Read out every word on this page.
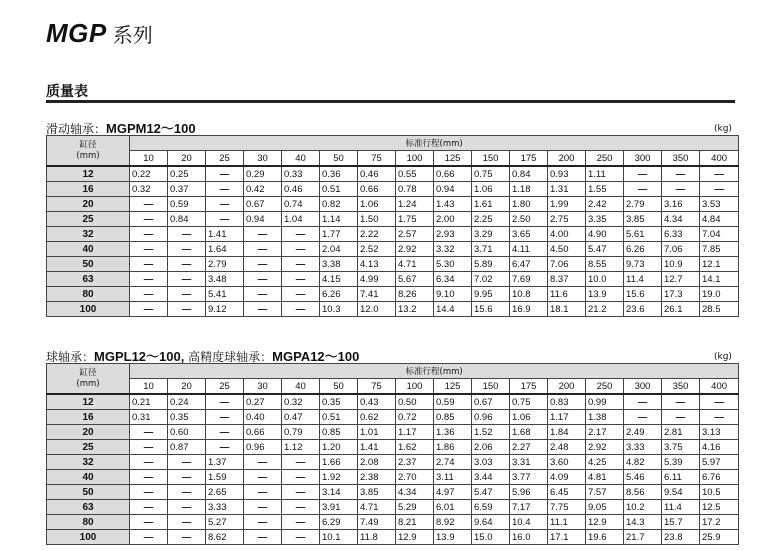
MGP 系列
质量表
滑动轴承：MGPM12～100	(kg)
缸径
(mm)	标准行程(mm)															
	10	20	25	30	40	50	75	100	125	150	175	200	250	300	350	400
12	0.22	0.25	—	0.29	0.33	0.36	0.46	0.55	0.66	0.75	0.84	0.93	1.11	—	—	—
16	0.32	0.37	—	0.42	0.46	0.51	0.66	0.78	0.94	1.06	1.18	1.31	1.55	—	—	—
20	—	0.59	—	0.67	0.74	0.82	1.06	1.24	1.43	1.61	1.80	1.99	2.42	2.79	3.16	3.53
25	—	0.84	—	0.94	1.04	1.14	1.50	1.75	2.00	2.25	2.50	2.75	3.35	3.85	4.34	4.84
32	—	—	1.41	—	—	1.77	2.22	2.57	2.93	3.29	3.65	4.00	4.90	5.61	6.33	7.04
40	—	—	1.64	—	—	2.04	2.52	2.92	3.32	3.71	4.11	4.50	5.47	6.26	7.06	7.85
50	—	—	2.79	—	—	3.38	4.13	4.71	5.30	5.89	6.47	7.06	8.55	9.73	10.9	12.1
63	—	—	3.48	—	—	4.15	4.99	5.67	6.34	7.02	7.69	8.37	10.0	11.4	12.7	14.1
80	—	—	5.41	—	—	6.26	7.41	8.26	9.10	9.95	10.8	11.6	13.9	15.6	17.3	19.0
100	—	—	9.12	—	—	10.3	12.0	13.2	14.4	15.6	16.9	18.1	21.2	23.6	26.1	28.5
球轴承：MGPL12～100, 高精度球轴承：MGPA12～100	(kg)
缸径
(mm)	标准行程(mm)															
	10	20	25	30	40	50	75	100	125	150	175	200	250	300	350	400
12	0.21	0.24	—	0.27	0.32	0.35	0.43	0.50	0.59	0.67	0.75	0.83	0.99	—	—	—
16	0.31	0.35	—	0.40	0.47	0.51	0.62	0.72	0.85	0.96	1.06	1.17	1.38	—	—	—
20	—	0.60	—	0.66	0.79	0.85	1.01	1.17	1.36	1.52	1.68	1.84	2.17	2.49	2.81	3.13
25	—	0.87	—	0.96	1.12	1.20	1.41	1.62	1.86	2.06	2.27	2.48	2.92	3.33	3.75	4.16
32	—	—	1.37	—	—	1.66	2.08	2.37	2.74	3.03	3.31	3.60	4.25	4.82	5.39	5.97
40	—	—	1.59	—	—	1.92	2.38	2.70	3.11	3.44	3.77	4.09	4.81	5.46	6.11	6.76
50	—	—	2.65	—	—	3.14	3.85	4.34	4.97	5.47	5.96	6.45	7.57	8.56	9.54	10.5
63	—	—	3.33	—	—	3.91	4.71	5.29	6.01	6.59	7.17	7.75	9.05	10.2	11.4	12.5
80	—	—	5.27	—	—	6.29	7.49	8.21	8.92	9.64	10.4	11.1	12.9	14.3	15.7	17.2
100	—	—	8.62	—	—	10.1	11.8	12.9	13.9	15.0	16.0	17.1	19.6	21.7	23.8	25.9
